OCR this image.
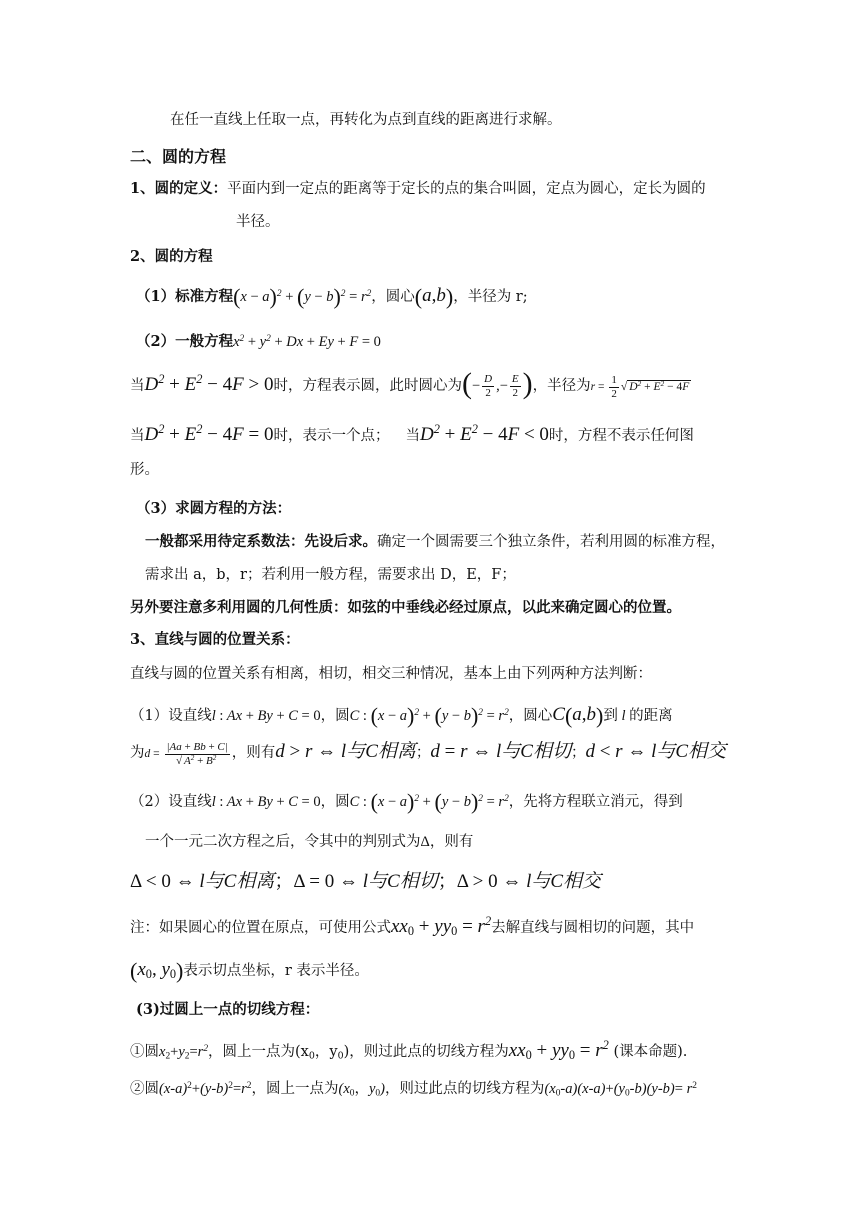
在任一直线上任取一点，再转化为点到直线的距离进行求解。
二、圆的方程
1、圆的定义：平面内到一定点的距离等于定长的点的集合叫圆，定点为圆心，定长为圆的
半径。
2、圆的方程
（1）标准方程$(x - a)^2 + (y - b)^2 = r^2$，圆心(a,b)，半径为 r;
（2）一般方程$x^2 + y^2 + Dx + Ey + F = 0$
当$D^2 + E^2 - 4F > 0$时，方程表示圆，此时圆心为(− $\frac{D}{2}$ ,− $\frac{E}{2}$ )，半径为$r = \frac{1}{2}$ √ $D^2 + E^2 - 4F$
当$D^2 + E^2 - 4F = 0$时，表示一个点； 当$D^2 + E^2 - 4F < 0$时，方程不表示任何图
形。
（3）求圆方程的方法：
一般都采用待定系数法：先设后求。确定一个圆需要三个独立条件，若利用圆的标准方程，
需求出 a，b，r；若利用一般方程，需要求出 D，E，F；
另外要注意多利用圆的几何性质：如弦的中垂线必经过原点，以此来确定圆心的位置。
3、直线与圆的位置关系：
直线与圆的位置关系有相离，相切，相交三种情况，基本上由下列两种方法判断：
（1）设直线l : Ax + By + C = 0，圆C : $(x - a)^2 + (y - b)^2 = r^2$，圆心C(a,b)到 l 的距离
为$d = \frac{|Aa + Bb + C|}{√ A^2 + B^2}$ ，则有d > r ⇔ l与C相离；d = r ⇔ l与C相切；d < r ⇔ l与C相交
（2）设直线l : Ax + By + C = 0，圆C : $(x - a)^2 + (y - b)^2 = r^2$，先将方程联立消元，得到
一个一元二次方程之后，令其中的判别式为Δ，则有
Δ < 0 ⇔ l与C相离；Δ = 0 ⇔ l与C相切；Δ > 0 ⇔ l与C相交
注：如果圆心的位置在原点，可使用公式$xx_0 + yy_0 = r^2$去解直线与圆相切的问题，其中
($x_0$, $y_0$)表示切点坐标，r 表示半径。
(3)过圆上一点的切线方程：
①圆$x_2+y_2=r^2$，圆上一点为($x_0$，$y_0$)，则过此点的切线方程为$xx_0 + yy_0 = r^2$ (课本命题).
②圆$(x-a)^2+(y-b)^2=r^2$，圆上一点为($x_0$，$y_0$)，则过此点的切线方程为$(x_0-a)(x-a)+(y_0-b)(y-b)= r^2$
